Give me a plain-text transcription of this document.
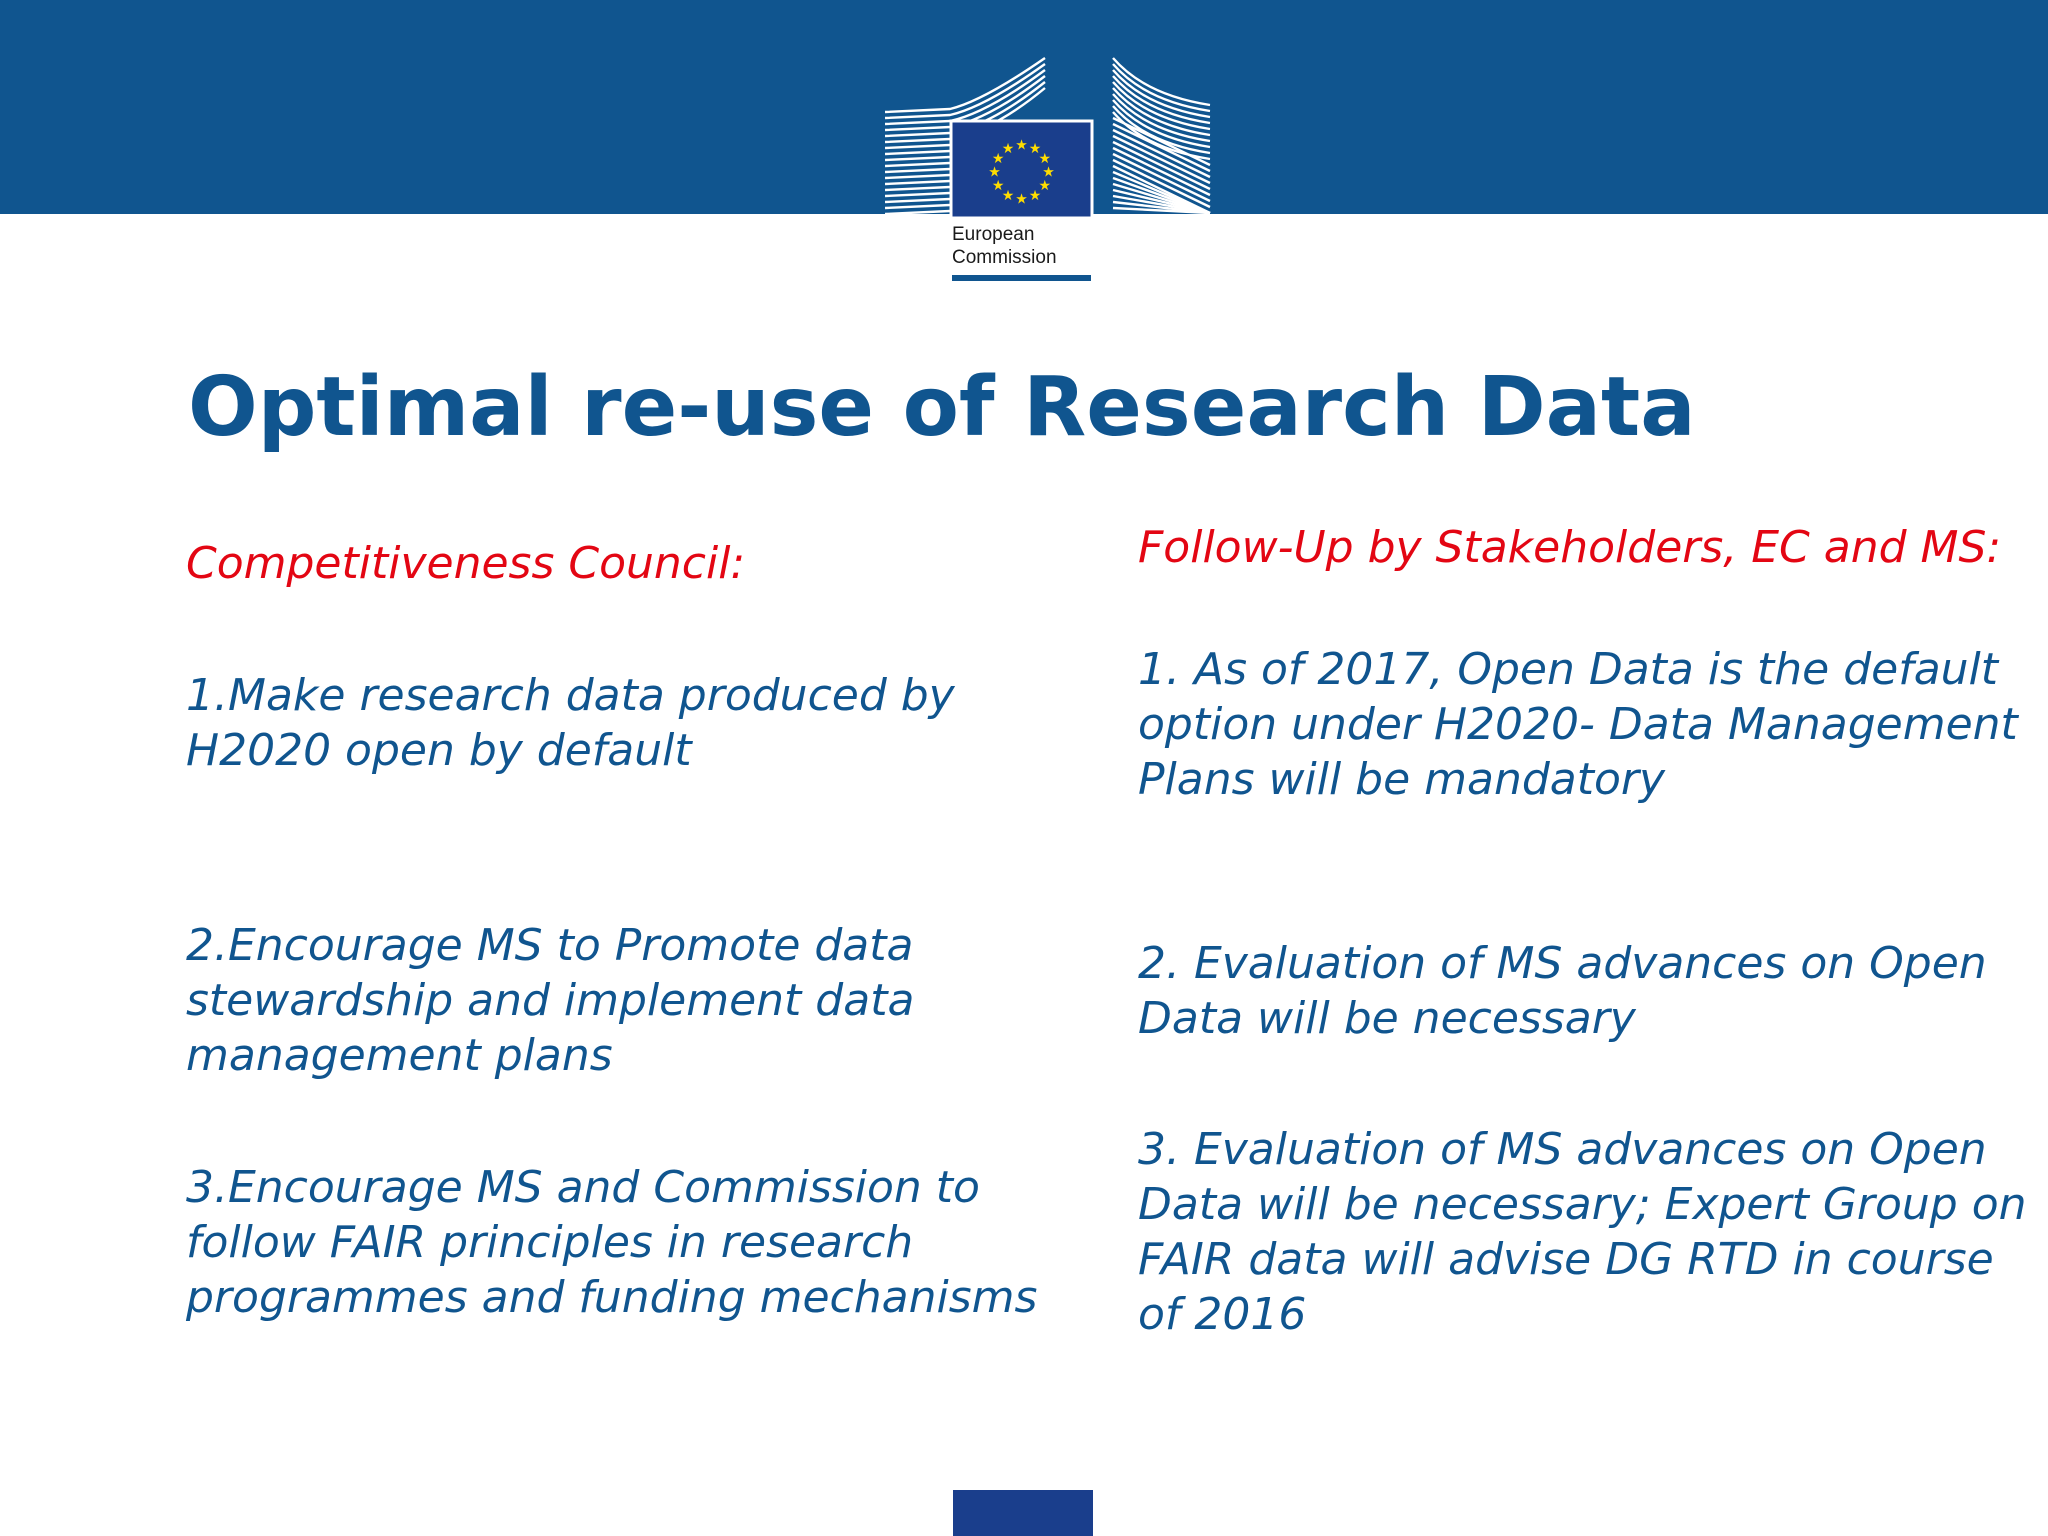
★ ★
★
★
★
★
★
★
★
★
★
★
European
Commission
Optimal re-use of Research Data

Competitiveness Council:

1.Make research data produced by H2020 open by default

2.Encourage MS to Promote data stewardship and implement data management plans

3.Encourage MS and Commission to follow FAIR principles in research programmes and funding mechanisms

Follow-Up by Stakeholders, EC and MS:

1. As of 2017, Open Data is the default option under H2020- Data Management Plans will be mandatory

2. Evaluation of MS advances on Open Data will be necessary

3. Evaluation of MS advances on Open Data will be necessary; Expert Group on FAIR data will advise DG RTD in course of 2016
